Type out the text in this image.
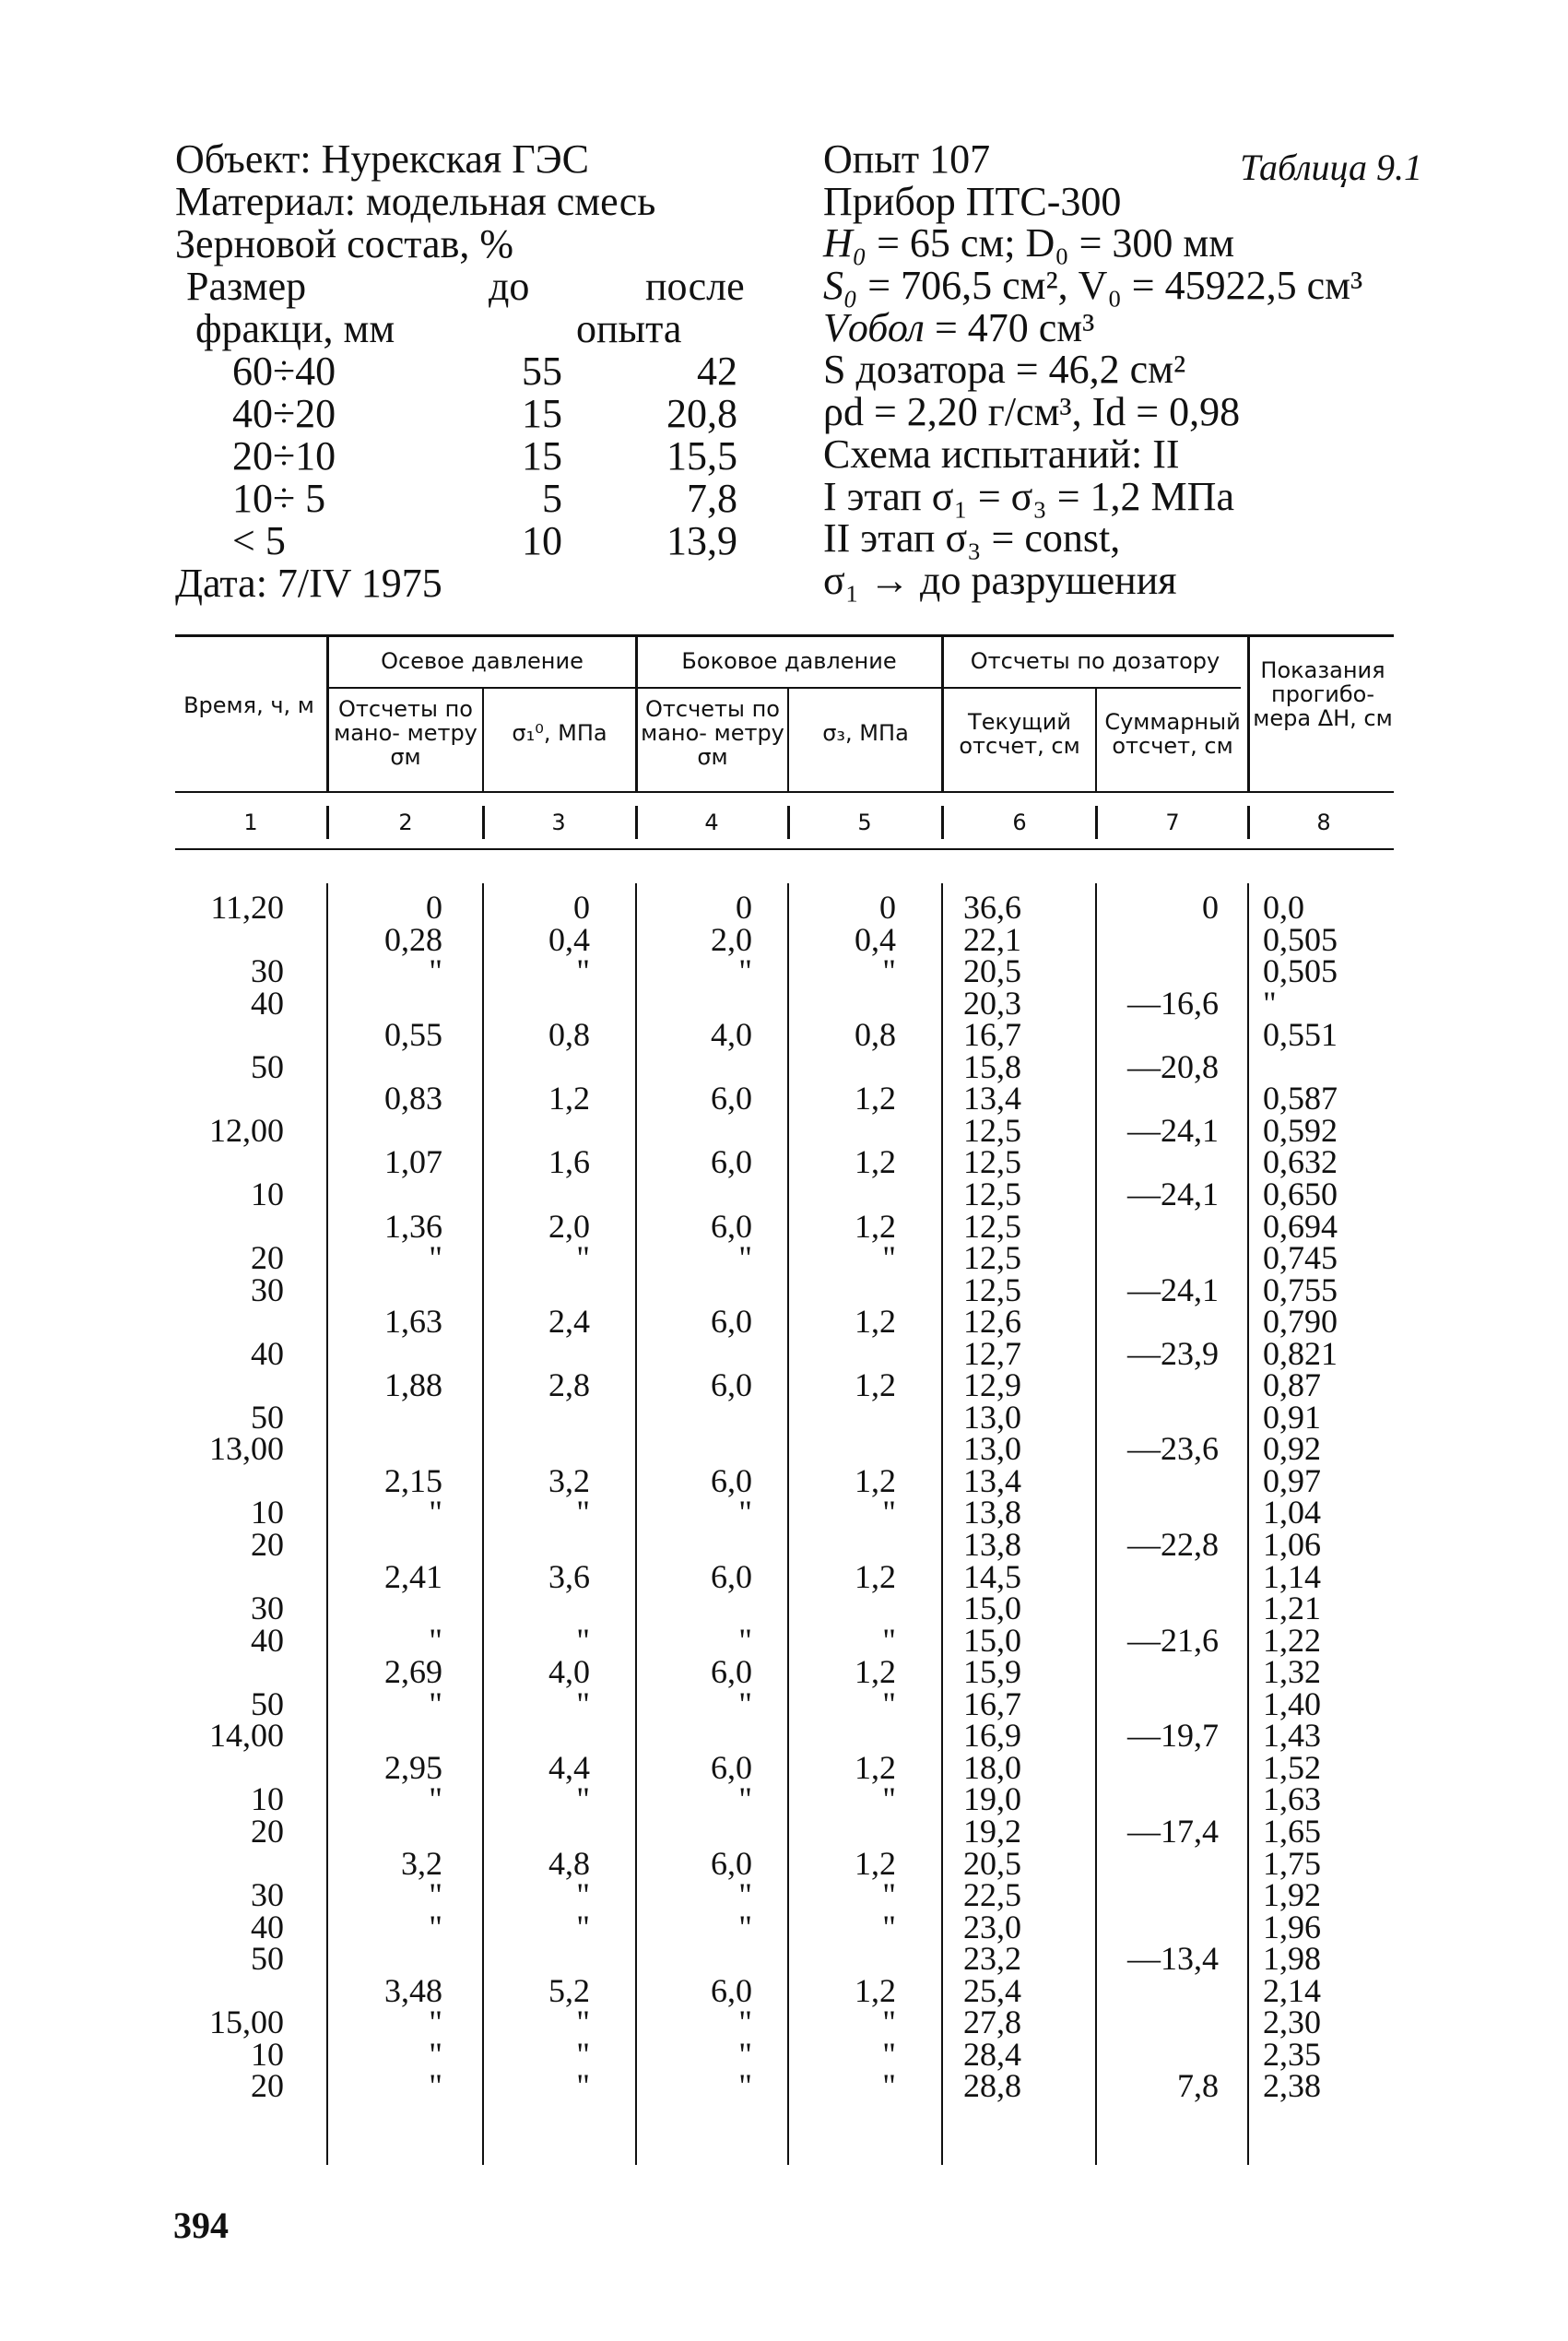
Объект: Нурекская ГЭС
Материал: модельная смесь
Зерновой состав, %
Размер	до	после
фракци, мм	опыта
60÷40	55	42
40÷20	15	20,8
20÷10	15	15,5
10÷ 5	5	7,8
< 5	10	13,9
Дата: 7/IV 1975
Таблица 9.1
Опыт 107
Прибор ПТС-300
H₀ = 65 см; D₀ = 300 мм
S₀ = 706,5 см², V₀ = 45922,5 см³
Vобол = 470 см³
S дозатора = 46,2 см²
ρd = 2,20 г/см³, Id = 0,98
Схема испытаний: II
I этап σ₁ = σ₃ = 1,2 МПа
II этап σ₃ = const,
σ₁ → до разрушения
Время, ч, м
Осевое давление	Боковое давление	Отсчеты по дозатору	Показания прогибо- мера ΔH, см
Отсчеты по мано- метру σм
σ₁⁰, МПа
Отсчеты по мано- метру σм
σ₃, МПа	Текущий отсчет, см
Суммарный отсчет, см
1	2	3	4	5	6	7	8
11,20	0	0	0	0	36,6	0 0,0
0,28	0,4	2,0	0,4	22,1	0,505
30	"	"	"	"	20,5	0,505
40	20,3	—16,6 "
0,55	0,8	4,0	0,8	16,7	0,551
50	15,8	—20,8
0,83	1,2	6,0	1,2	13,4	0,587
12,00	12,5	—24,1 0,592
1,07	1,6	6,0	1,2	12,5	0,632
10	12,5	—24,1 0,650
1,36	2,0	6,0	1,2	12,5	0,694
20	"	"	"	"	12,5	0,745
30	12,5	—24,1 0,755
1,63	2,4	6,0	1,2	12,6	0,790
40	12,7	—23,9 0,821
1,88	2,8	6,0	1,2	12,9	0,87
50	13,0	0,91
13,00	13,0	—23,6 0,92
2,15	3,2	6,0	1,2	13,4	0,97
10	"	"	"	"	13,8	1,04
20	13,8	—22,8 1,06
2,41	3,6	6,0	1,2	14,5	1,14
30	15,0	1,21
40	"	"	"	"	15,0	—21,6 1,22
2,69	4,0	6,0	1,2	15,9	1,32
50	"	"	"	"	16,7	1,40
14,00	16,9	—19,7 1,43
2,95	4,4	6,0	1,2	18,0	1,52
10	"	"	"	"	19,0	1,63
20	19,2	—17,4 1,65
3,2	4,8	6,0	1,2	20,5	1,75
30	"	"	"	"	22,5	1,92
40	"	"	"	"	23,0	1,96
50	23,2	—13,4 1,98
3,48	5,2	6,0	1,2	25,4	2,14
15,00	"	"	"	"	27,8	2,30
10	"	"	"	"	28,4	2,35
20	"	"	"	"	28,8	7,8 2,38
394
